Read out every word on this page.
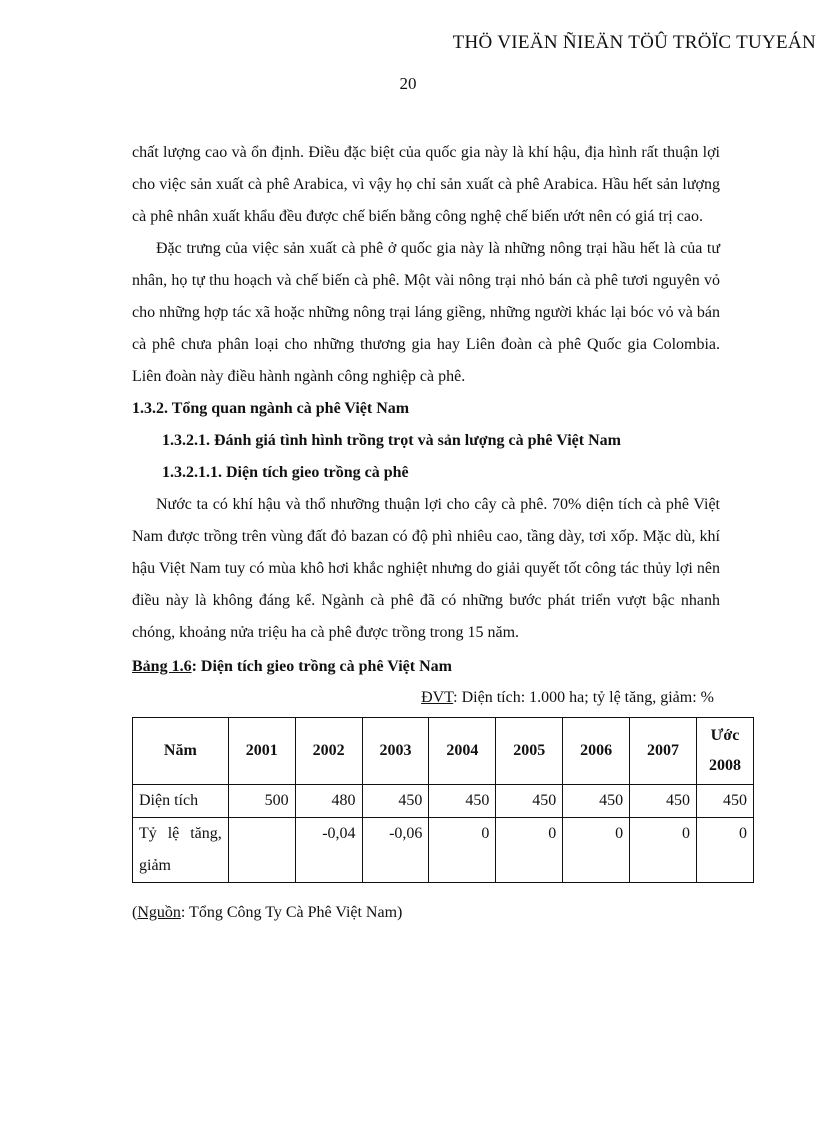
THÖ VIEÄN ÑIEÄN TÖÛ TRÖÏC TUYEÁN
20

chất lượng cao và ổn định. Điều đặc biệt của quốc gia này là khí hậu, địa hình rất thuận lợi cho việc sản xuất cà phê Arabica, vì vậy họ chỉ sản xuất cà phê Arabica. Hầu hết sản lượng cà phê nhân xuất khẩu đều được chế biến bằng công nghệ chế biến ướt nên có giá trị cao.

Đặc trưng của việc sản xuất cà phê ở quốc gia này là những nông trại hầu hết là của tư nhân, họ tự thu hoạch và chế biến cà phê. Một vài nông trại nhỏ bán cà phê tươi nguyên vỏ cho những hợp tác xã hoặc những nông trại láng giềng, những người khác lại bóc vỏ và bán cà phê chưa phân loại cho những thương gia hay Liên đoàn cà phê Quốc gia Colombia. Liên đoàn này điều hành ngành công nghiệp cà phê.

1.3.2. Tổng quan ngành cà phê Việt Nam

1.3.2.1. Đánh giá tình hình trồng trọt và sản lượng cà phê Việt Nam

1.3.2.1.1. Diện tích gieo trồng cà phê

Nước ta có khí hậu và thổ nhưỡng thuận lợi cho cây cà phê. 70% diện tích cà phê Việt Nam được trồng trên vùng đất đỏ bazan có độ phì nhiêu cao, tầng dày, tơi xốp. Mặc dù, khí hậu Việt Nam tuy có mùa khô hơi khắc nghiệt nhưng do giải quyết tốt công tác thủy lợi nên điều này là không đáng kể. Ngành cà phê đã có những bước phát triển vượt bậc nhanh chóng, khoảng nửa triệu ha cà phê được trồng trong 15 năm.

Bảng 1.6: Diện tích gieo trồng cà phê Việt Nam

ĐVT: Diện tích: 1.000 ha; tỷ lệ tăng, giảm: %

Năm	2001	2002	2003	2004	2005	2006	2007	Ước 2008
Diện tích	500	480	450	450	450	450	450	450
Tỷ lệ tăng, giảm		-0,04	-0,06	0	0	0	0	0

(Nguồn: Tổng Công Ty Cà Phê Việt Nam)
